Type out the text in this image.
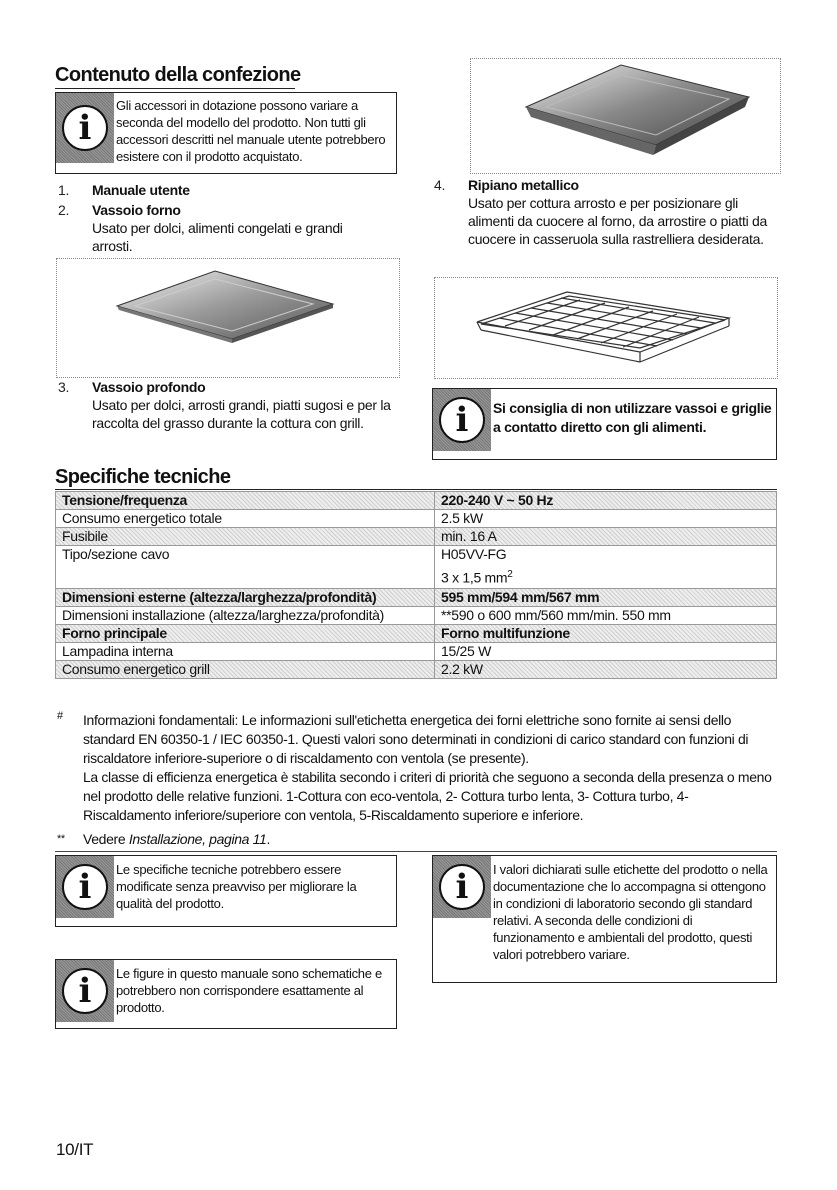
Contenuto della confezione
i
Gli accessori in dotazione possono variare a seconda del modello del prodotto. Non tutti gli accessori descritti nel manuale utente potrebbero esistere con il prodotto acquistato.
1.	Manuale utente
2.	Vassoio forno
Usato per dolci, alimenti congelati e grandi arrosti.
3.	Vassoio profondo
Usato per dolci, arrosti grandi, piatti sugosi e per la raccolta del grasso durante la cottura con grill.
4.	Ripiano metallico
Usato per cottura arrosto e per posizionare gli alimenti da cuocere al forno, da arrostire o piatti da cuocere in casseruola sulla rastrelliera desiderata.
i	Si consiglia di non utilizzare vassoi e griglie a contatto diretto con gli alimenti.
Specifiche tecniche
Tensione/frequenza	220-240 V ~ 50 Hz
Consumo energetico totale	2.5 kW
Fusibile	min. 16 A
Tipo/sezione cavo	H05VV-FG
3 x 1,5 $mm^2$

Dimensioni esterne (altezza/larghezza/profondità)	595 mm/594 mm/567 mm
Dimensioni installazione (altezza/larghezza/profondità)	**590 o 600 mm/560 mm/min. 550 mm
Forno principale	Forno multifunzione
Lampadina interna	15/25 W
Consumo energetico grill	2.2 kW
# Informazioni fondamentali: Le informazioni sull'etichetta energetica dei forni elettriche sono fornite ai sensi dello standard EN 60350-1 / IEC 60350-1. Questi valori sono determinati in condizioni di carico standard con funzioni di riscaldatore inferiore-superiore o di riscaldamento con ventola (se presente).
La classe di efficienza energetica è stabilita secondo i criteri di priorità che seguono a seconda della presenza o meno nel prodotto delle relative funzioni. 1-Cottura con eco-ventola, 2- Cottura turbo lenta, 3- Cottura turbo, 4- Riscaldamento inferiore/superiore con ventola, 5-Riscaldamento superiore e inferiore.
** Vedere Installazione, pagina 11.
i	Le specifiche tecniche potrebbero essere modificate senza preavviso per migliorare la qualità del prodotto.
i	Le figure in questo manuale sono schematiche e potrebbero non corrispondere esattamente al prodotto.
i	I valori dichiarati sulle etichette del prodotto o nella documentazione che lo accompagna si ottengono in condizioni di laboratorio secondo gli standard relativi. A seconda delle condizioni di funzionamento e ambientali del prodotto, questi valori potrebbero variare.
10/IT
